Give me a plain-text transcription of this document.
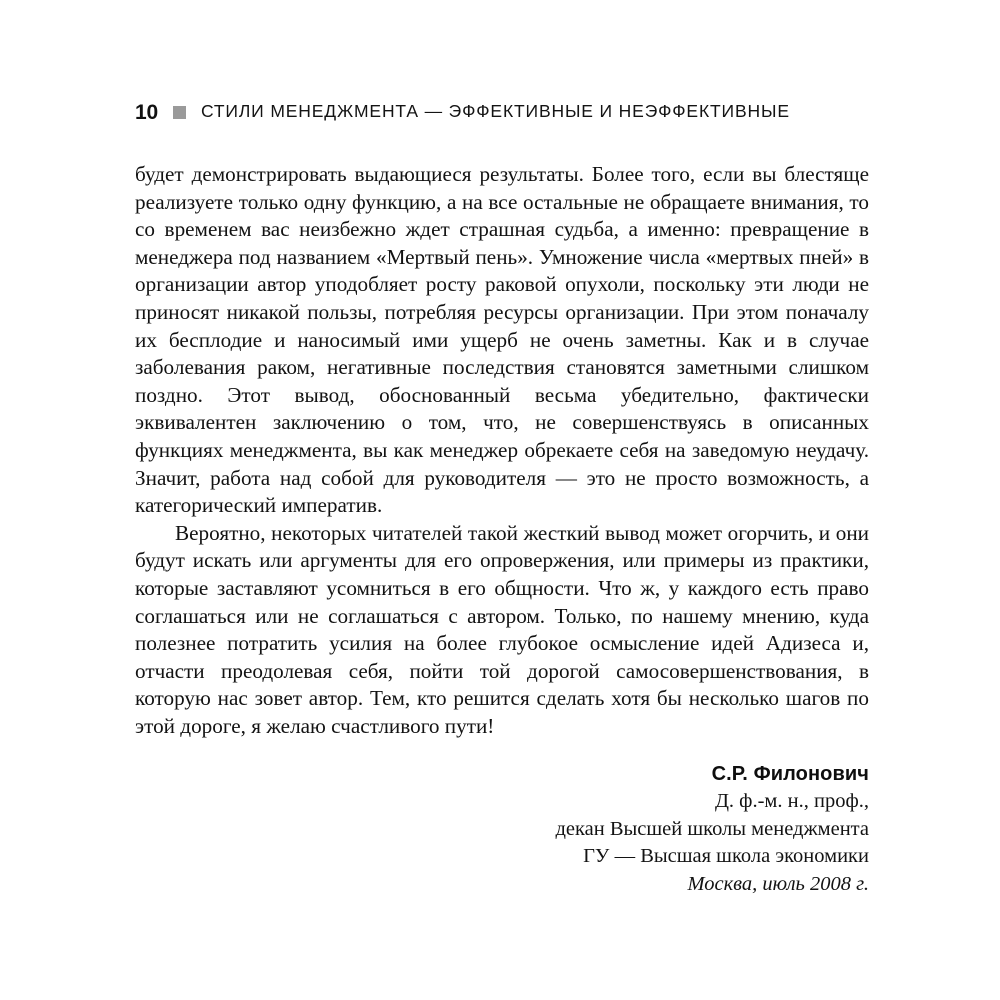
10 СТИЛИ МЕНЕДЖМЕНТА — ЭФФЕКТИВНЫЕ И НЕЭФФЕКТИВНЫЕ

будет демонстрировать выдающиеся результаты. Более того, если вы блестяще реализуете только одну функцию, а на все остальные не обращаете внимания, то со временем вас неизбежно ждет страшная судьба, а именно: превращение в менеджера под названием «Мертвый пень». Умножение числа «мертвых пней» в организации автор уподобляет росту раковой опухоли, поскольку эти люди не приносят никакой пользы, потребляя ресурсы организации. При этом поначалу их бесплодие и наносимый ими ущерб не очень заметны. Как и в случае заболевания раком, негативные последствия становятся заметными слишком поздно. Этот вывод, обоснованный весьма убедительно, фактически эквивалентен заключению о том, что, не совершенствуясь в описанных функциях менеджмента, вы как менеджер обрекаете себя на заведомую неудачу. Значит, работа над собой для руководителя — это не просто возможность, а категорический императив.

Вероятно, некоторых читателей такой жесткий вывод может огорчить, и они будут искать или аргументы для его опровержения, или примеры из практики, которые заставляют усомниться в его общности. Что ж, у каждого есть право соглашаться или не соглашаться с автором. Только, по нашему мнению, куда полезнее потратить усилия на более глубокое осмысление идей Адизеса и, отчасти преодолевая себя, пойти той дорогой самосовершенствования, в которую нас зовет автор. Тем, кто решится сделать хотя бы несколько шагов по этой дороге, я желаю счастливого пути!

С.Р. Филонович
Д. ф.-м. н., проф.,
декан Высшей школы менеджмента
ГУ — Высшая школа экономики
Москва, июль 2008 г.
